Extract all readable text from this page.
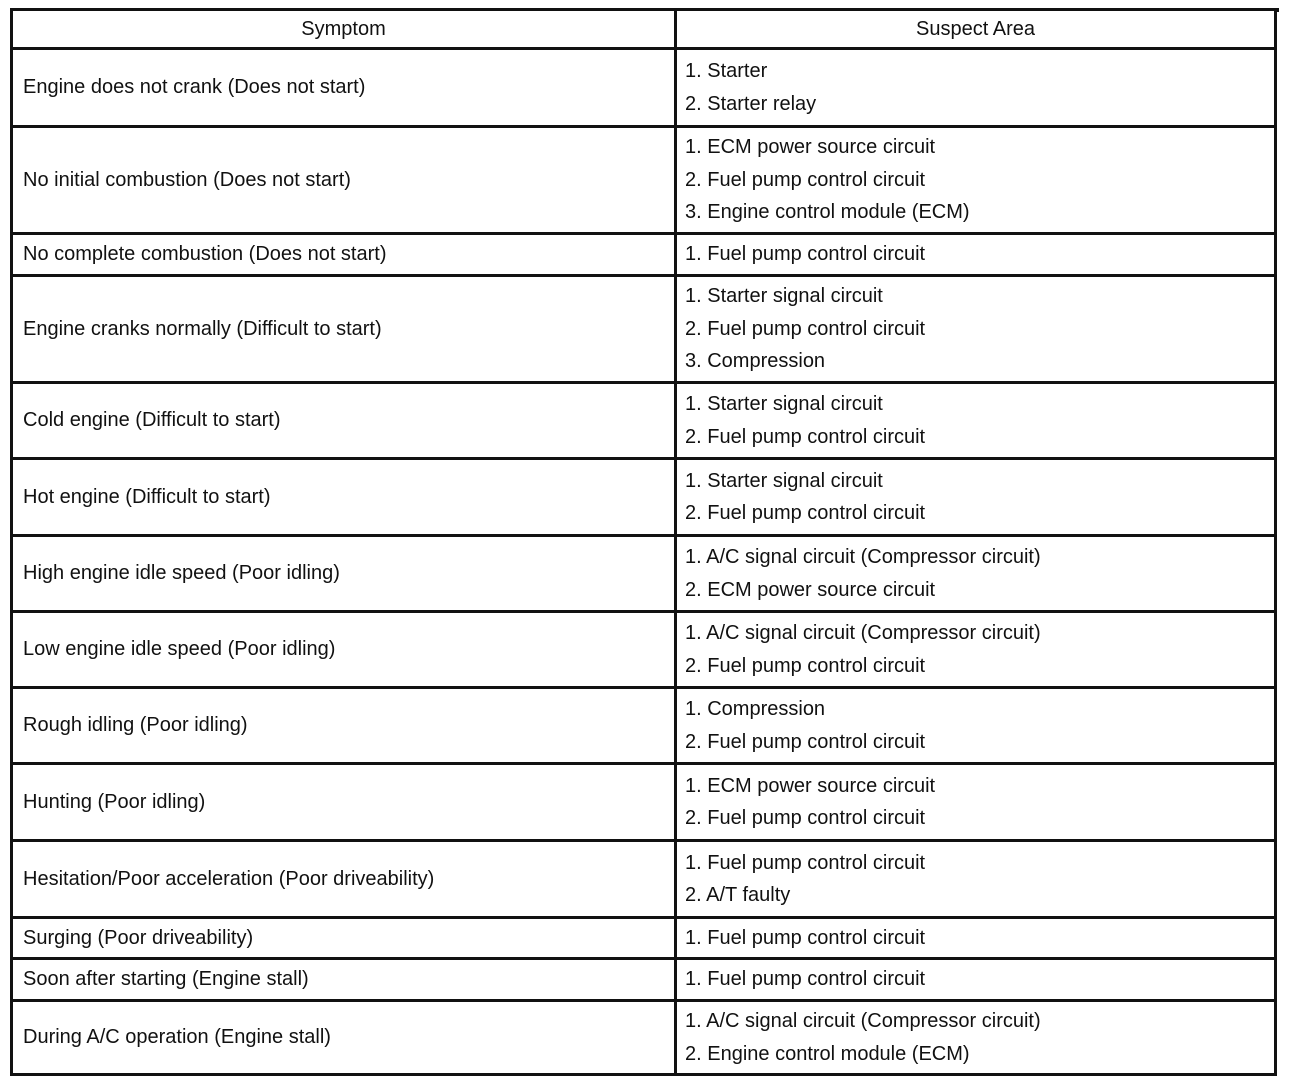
Symptom	Suspect Area
Engine does not crank (Does not start)	1. Starter
2. Starter relay

No initial combustion (Does not start)	1. ECM power source circuit
2. Fuel pump control circuit
3. Engine control module (ECM)

No complete combustion (Does not start)	1. Fuel pump control circuit

Engine cranks normally (Difficult to start)	1. Starter signal circuit
2. Fuel pump control circuit
3. Compression

Cold engine (Difficult to start)	1. Starter signal circuit
2. Fuel pump control circuit

Hot engine (Difficult to start)	1. Starter signal circuit
2. Fuel pump control circuit

High engine idle speed (Poor idling)	1. A/C signal circuit (Compressor circuit)
2. ECM power source circuit

Low engine idle speed (Poor idling)	1. A/C signal circuit (Compressor circuit)
2. Fuel pump control circuit

Rough idling (Poor idling)	1. Compression
2. Fuel pump control circuit

Hunting (Poor idling)	1. ECM power source circuit
2. Fuel pump control circuit

Hesitation/Poor acceleration (Poor driveability)	1. Fuel pump control circuit
2. A/T faulty

Surging (Poor driveability)	1. Fuel pump control circuit

Soon after starting (Engine stall)	1. Fuel pump control circuit

During A/C operation (Engine stall)	1. A/C signal circuit (Compressor circuit)
2. Engine control module (ECM)
